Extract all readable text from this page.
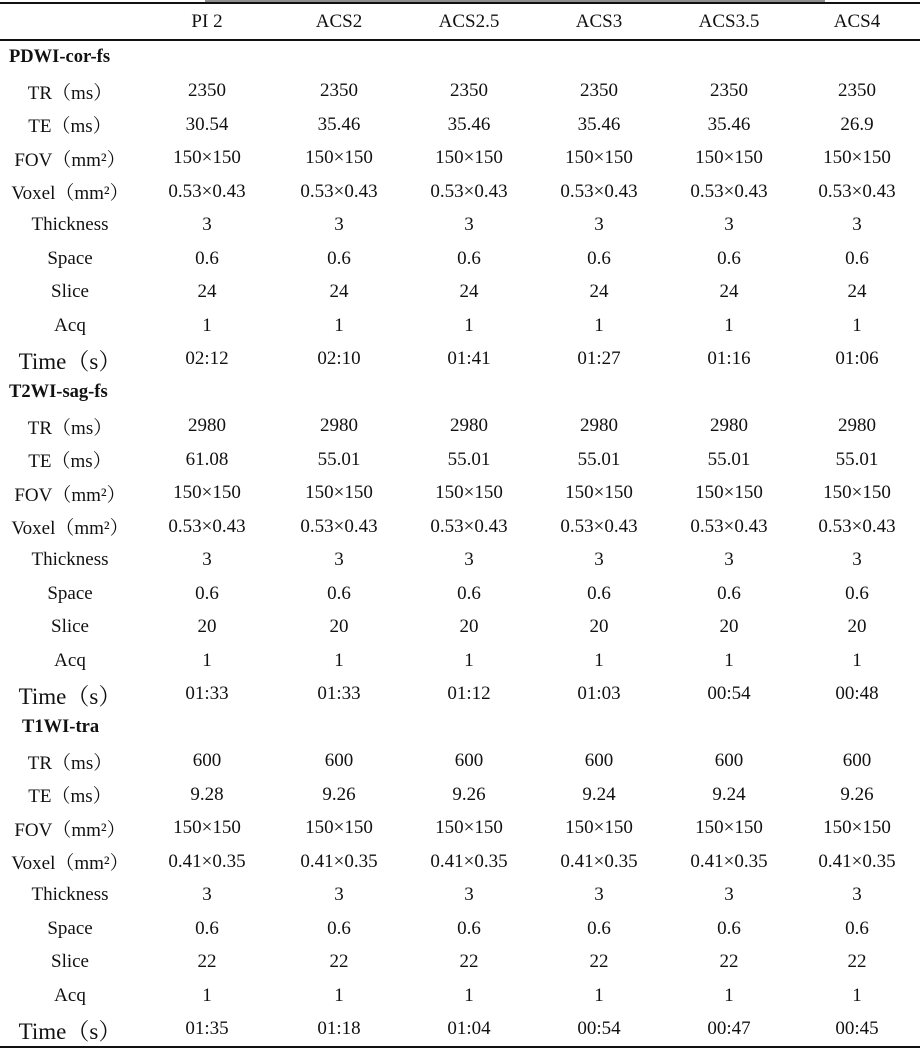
	PI 2	ACS2	ACS2.5	ACS3	ACS3.5	ACS4
PDWI-cor-fs						
TR（ms）	2350	2350	2350	2350	2350	2350
TE（ms）	30.54	35.46	35.46	35.46	35.46	26.9
FOV（mm²）	150×150	150×150	150×150	150×150	150×150	150×150
Voxel（mm²）	0.53×0.43	0.53×0.43	0.53×0.43	0.53×0.43	0.53×0.43	0.53×0.43
Thickness	3	3	3	3	3	3
Space	0.6	0.6	0.6	0.6	0.6	0.6
Slice	24	24	24	24	24	24
Acq	1	1	1	1	1	1
Time（s）	02:12	02:10	01:41	01:27	01:16	01:06
T2WI-sag-fs						
TR（ms）	2980	2980	2980	2980	2980	2980
TE（ms）	61.08	55.01	55.01	55.01	55.01	55.01
FOV（mm²）	150×150	150×150	150×150	150×150	150×150	150×150
Voxel（mm²）	0.53×0.43	0.53×0.43	0.53×0.43	0.53×0.43	0.53×0.43	0.53×0.43
Thickness	3	3	3	3	3	3
Space	0.6	0.6	0.6	0.6	0.6	0.6
Slice	20	20	20	20	20	20
Acq	1	1	1	1	1	1
Time（s）	01:33	01:33	01:12	01:03	00:54	00:48
T1WI-tra						
TR（ms）	600	600	600	600	600	600
TE（ms）	9.28	9.26	9.26	9.24	9.24	9.26
FOV（mm²）	150×150	150×150	150×150	150×150	150×150	150×150
Voxel（mm²）	0.41×0.35	0.41×0.35	0.41×0.35	0.41×0.35	0.41×0.35	0.41×0.35
Thickness	3	3	3	3	3	3
Space	0.6	0.6	0.6	0.6	0.6	0.6
Slice	22	22	22	22	22	22
Acq	1	1	1	1	1	1
Time（s）	01:35	01:18	01:04	00:54	00:47	00:45
